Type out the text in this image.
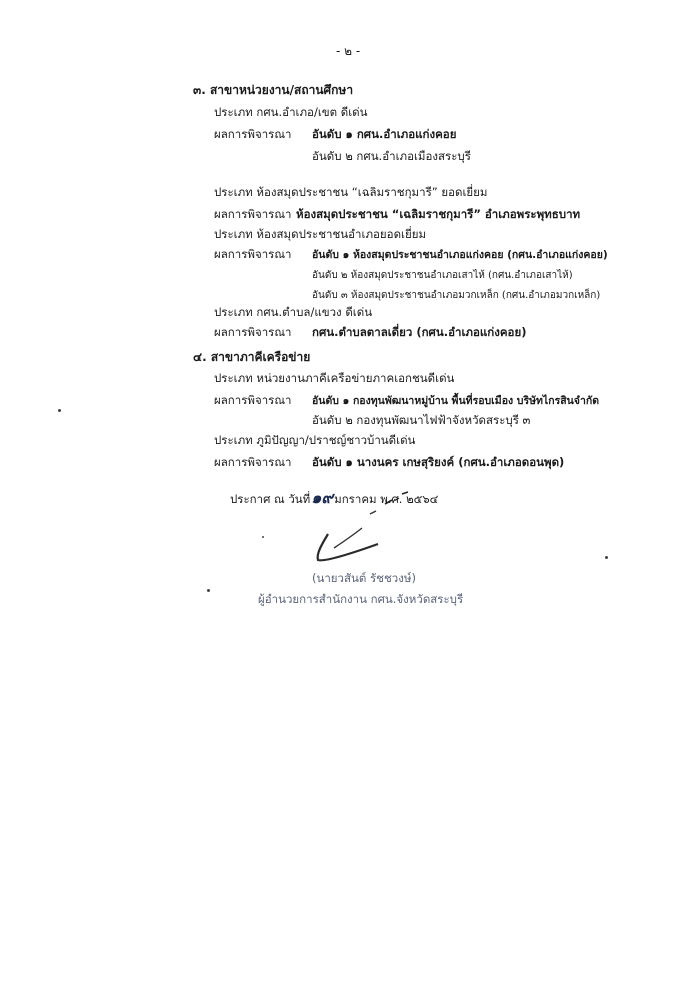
- ๒ -
๓. สาขาหน่วยงาน/สถานศึกษา
ประเภท กศน.อำเภอ/เขต ดีเด่น
ผลการพิจารณา อันดับ ๑ กศน.อำเภอแก่งคอย
อันดับ ๒ กศน.อำเภอเมืองสระบุรี
ประเภท ห้องสมุดประชาชน “เฉลิมราชกุมารี” ยอดเยี่ยม
ผลการพิจารณา ห้องสมุดประชาชน “เฉลิมราชกุมารี” อำเภอพระพุทธบาท
ประเภท ห้องสมุดประชาชนอำเภอยอดเยี่ยม
ผลการพิจารณา อันดับ ๑ ห้องสมุดประชาชนอำเภอแก่งคอย (กศน.อำเภอแก่งคอย)
อันดับ ๒ ห้องสมุดประชาชนอำเภอเสาไห้ (กศน.อำเภอเสาไห้)
อันดับ ๓ ห้องสมุดประชาชนอำเภอมวกเหล็ก (กศน.อำเภอมวกเหล็ก)
ประเภท กศน.ตำบล/แขวง ดีเด่น
ผลการพิจารณา กศน.ตำบลตาลเดี่ยว (กศน.อำเภอแก่งคอย)
๔. สาขาภาคีเครือข่าย
ประเภท หน่วยงานภาคีเครือข่ายภาคเอกชนดีเด่น
ผลการพิจารณา อันดับ ๑ กองทุนพัฒนาหมู่บ้าน พื้นที่รอบเมือง บริษัทไกรสินจำกัด
อันดับ ๒ กองทุนพัฒนาไฟฟ้าจังหวัดสระบุรี ๓
ประเภท ภูมิปัญญา/ปราชญ์ชาวบ้านดีเด่น
ผลการพิจารณา อันดับ ๑ นางนคร เกษสุริยงค์ (กศน.อำเภอดอนพุด)
ประกาศ ณ วันที่๑๙มกราคม พ.ศ. ๒๕๖๔
(นายวสันต์ รัชชวงษ์)
ผู้อำนวยการสำนักงาน กศน.จังหวัดสระบุรี
